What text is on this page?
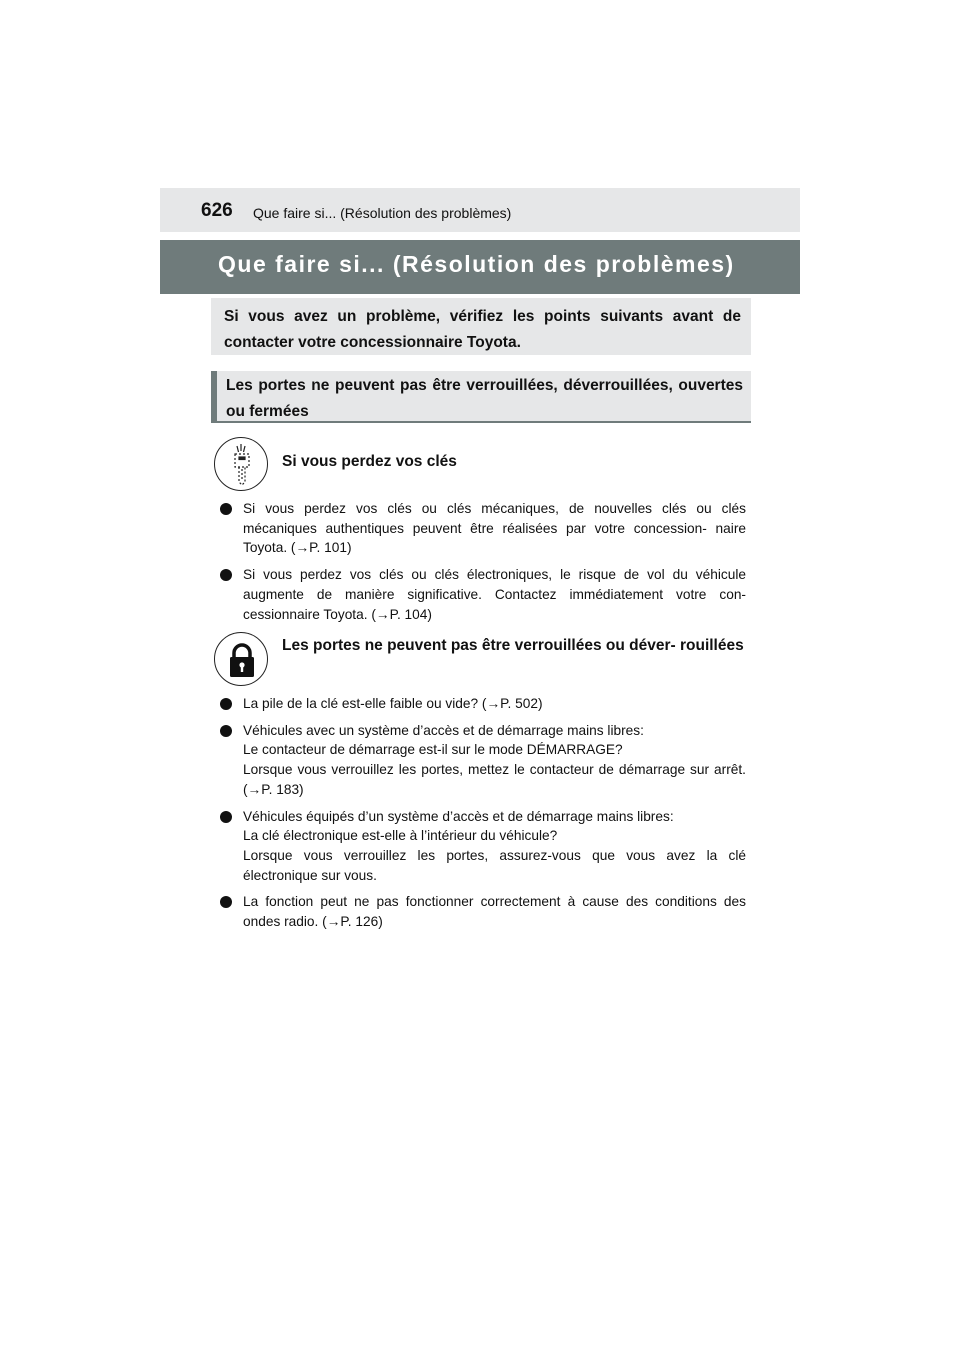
626 Que faire si... (Résolution des problèmes)
Que faire si... (Résolution des problèmes)
Si vous avez un problème, vérifiez les points suivants avant de contacter votre concessionnaire Toyota.
Les portes ne peuvent pas être verrouillées, déverrouillées, ouvertes ou fermées
Si vous perdez vos clés

Si vous perdez vos clés ou clés mécaniques, de nouvelles clés ou clés mécaniques authentiques peuvent être réalisées par votre concession- naire Toyota. (→P. 101)

Si vous perdez vos clés ou clés électroniques, le risque de vol du véhicule augmente de manière significative. Contactez immédiatement votre con- cessionnaire Toyota. (→P. 104)

Les portes ne peuvent pas être verrouillées ou déver- rouillées

La pile de la clé est-elle faible ou vide? (→P. 502)

Véhicules avec un système d’accès et de démarrage mains libres:

Le contacteur de démarrage est-il sur le mode DÉMARRAGE?

Lorsque vous verrouillez les portes, mettez le contacteur de démarrage sur arrêt. (→P. 183)

Véhicules équipés d’un système d’accès et de démarrage mains libres:

La clé électronique est-elle à l’intérieur du véhicule?

Lorsque vous verrouillez les portes, assurez-vous que vous avez la clé électronique sur vous.

La fonction peut ne pas fonctionner correctement à cause des conditions des ondes radio. (→P. 126)
